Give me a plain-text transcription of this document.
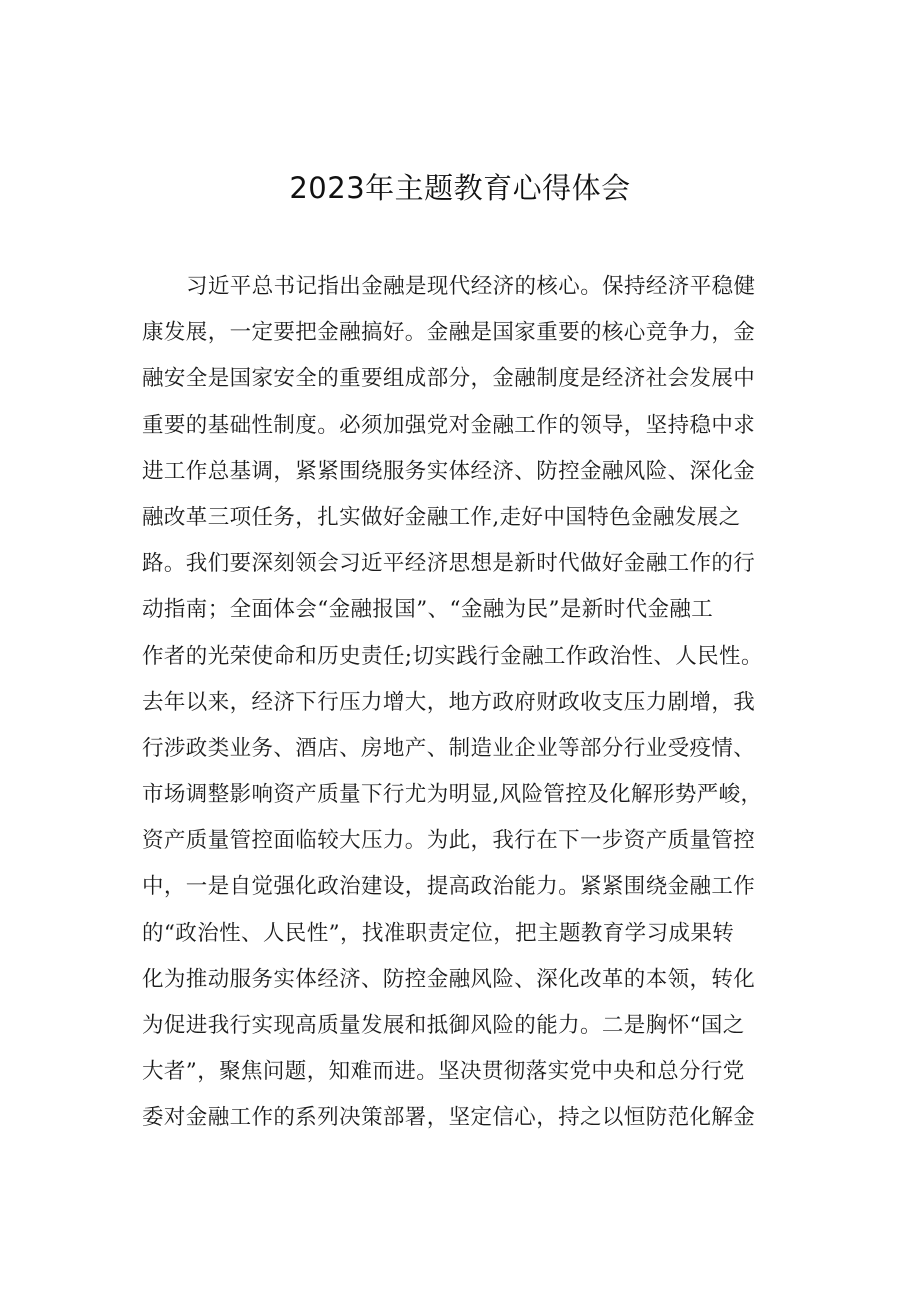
2023年主题教育心得体会
习近平总书记指出金融是现代经济的核心。保持经济平稳健
康发展，一定要把金融搞好。金融是国家重要的核心竞争力，金
融安全是国家安全的重要组成部分，金融制度是经济社会发展中
重要的基础性制度。必须加强党对金融工作的领导，坚持稳中求
进工作总基调，紧紧围绕服务实体经济、防控金融风险、深化金
融改革三项任务，扎实做好金融工作,走好中国特色金融发展之
路。我们要深刻领会习近平经济思想是新时代做好金融工作的行
动指南；全面体会“金融报国”、“金融为民”是新时代金融工
作者的光荣使命和历史责任;切实践行金融工作政治性、人民性。
去年以来，经济下行压力增大，地方政府财政收支压力剧增，我
行涉政类业务、酒店、房地产、制造业企业等部分行业受疫情、
市场调整影响资产质量下行尤为明显,风险管控及化解形势严峻，
资产质量管控面临较大压力。为此，我行在下一步资产质量管控
中，一是自觉强化政治建设，提高政治能力。紧紧围绕金融工作
的“政治性、人民性”，找准职责定位，把主题教育学习成果转
化为推动服务实体经济、防控金融风险、深化改革的本领，转化
为促进我行实现高质量发展和抵御风险的能力。二是胸怀“国之
大者”，聚焦问题，知难而进。坚决贯彻落实党中央和总分行党
委对金融工作的系列决策部署，坚定信心，持之以恒防范化解金
